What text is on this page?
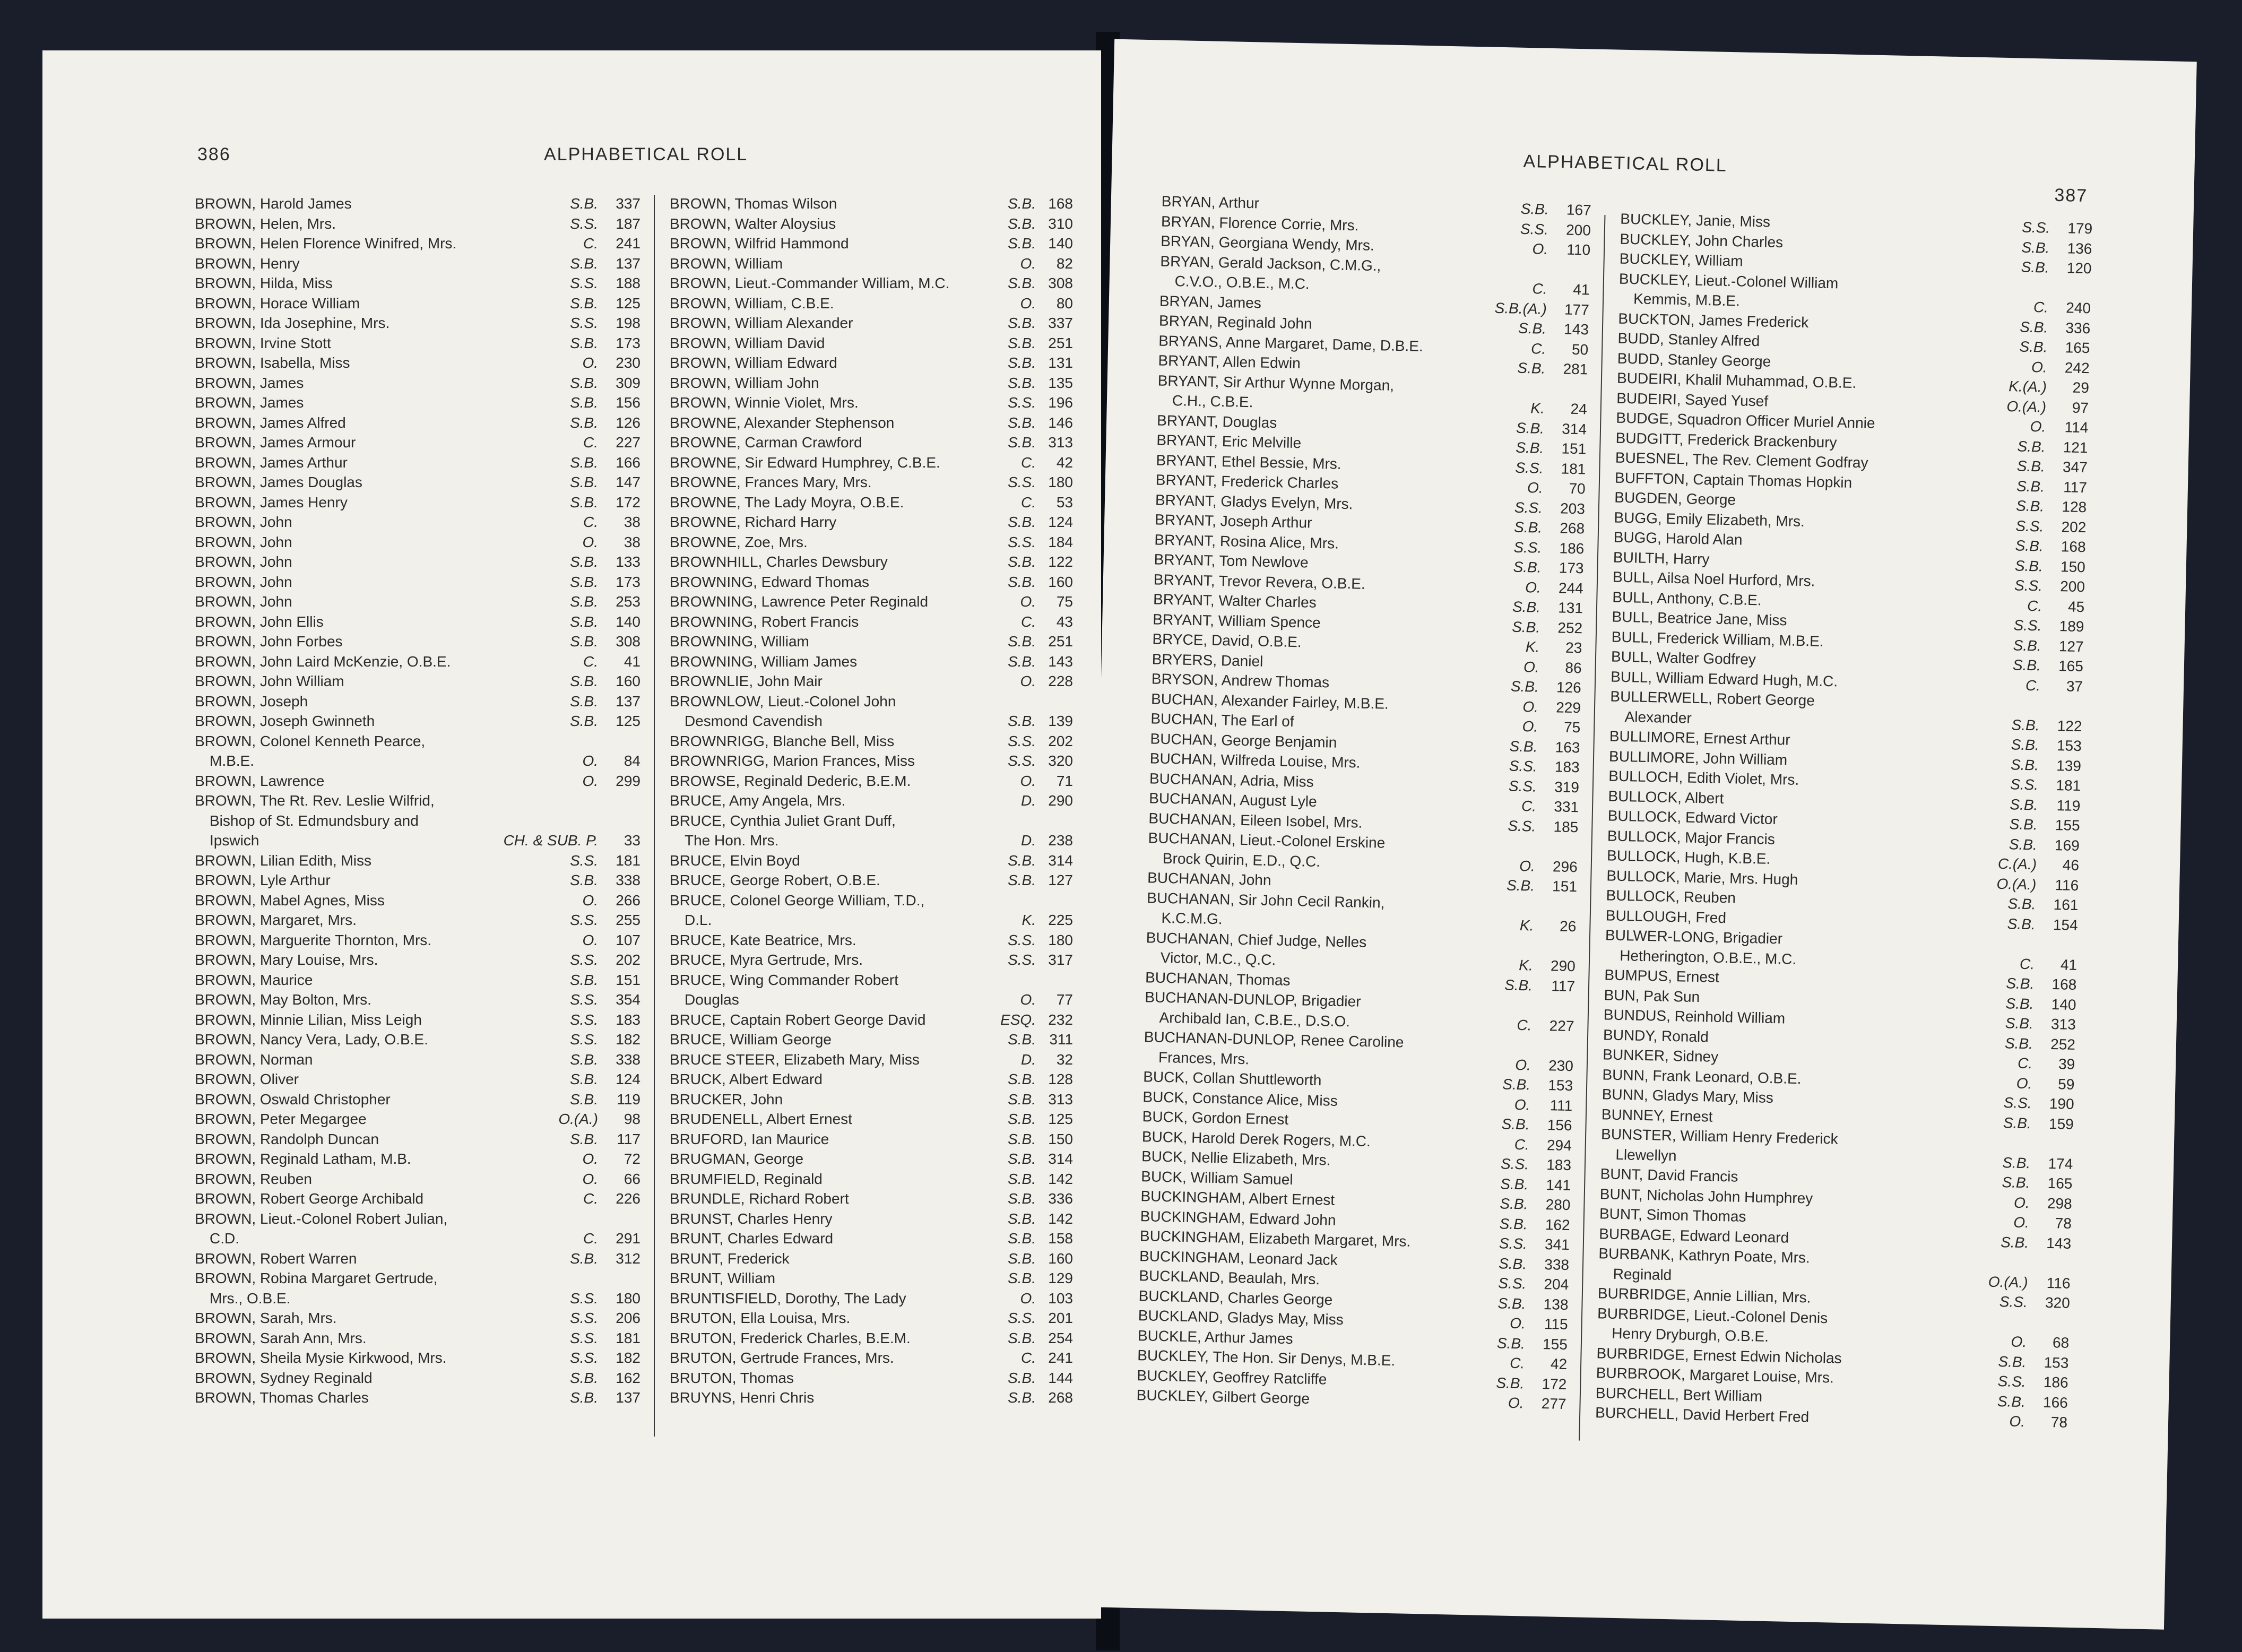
386	ALPHABETICAL ROLL
BROWN, Harold James	S.B. 337
BROWN, Helen, Mrs.	S.S. 187
BROWN, Helen Florence Winifred, Mrs.	C. 241
BROWN, Henry	S.B. 137
BROWN, Hilda, Miss	S.S. 188
BROWN, Horace William	S.B. 125
BROWN, Ida Josephine, Mrs.	S.S. 198
BROWN, Irvine Stott	S.B. 173
BROWN, Isabella, Miss	O. 230
BROWN, James	S.B. 309
BROWN, James	S.B. 156
BROWN, James Alfred	S.B. 126
BROWN, James Armour	C. 227
BROWN, James Arthur	S.B. 166
BROWN, James Douglas	S.B. 147
BROWN, James Henry	S.B. 172
BROWN, John	C. 38
BROWN, John	O. 38
BROWN, John	S.B. 133
BROWN, John	S.B. 173
BROWN, John	S.B. 253
BROWN, John Ellis	S.B. 140
BROWN, John Forbes	S.B. 308
BROWN, John Laird McKenzie, O.B.E.	C. 41
BROWN, John William	S.B. 160
BROWN, Joseph	S.B. 137
BROWN, Joseph Gwinneth	S.B. 125
BROWN, Colonel Kenneth Pearce,
M.B.E.	O. 84
BROWN, Lawrence	O. 299
BROWN, The Rt. Rev. Leslie Wilfrid,
Bishop of St. Edmundsbury and
Ipswich	CH. & SUB. P. 33
BROWN, Lilian Edith, Miss	S.S. 181
BROWN, Lyle Arthur	S.B. 338
BROWN, Mabel Agnes, Miss	O. 266
BROWN, Margaret, Mrs.	S.S. 255
BROWN, Marguerite Thornton, Mrs.	O. 107
BROWN, Mary Louise, Mrs.	S.S. 202
BROWN, Maurice	S.B. 151
BROWN, May Bolton, Mrs.	S.S. 354
BROWN, Minnie Lilian, Miss Leigh	S.S. 183
BROWN, Nancy Vera, Lady, O.B.E.	S.S. 182
BROWN, Norman	S.B. 338
BROWN, Oliver	S.B. 124
BROWN, Oswald Christopher	S.B. 119
BROWN, Peter Megargee	O.(A.) 98
BROWN, Randolph Duncan	S.B. 117
BROWN, Reginald Latham, M.B.	O. 72
BROWN, Reuben	O. 66
BROWN, Robert George Archibald	C. 226
BROWN, Lieut.-Colonel Robert Julian,
C.D.	C. 291
BROWN, Robert Warren	S.B. 312
BROWN, Robina Margaret Gertrude,
Mrs., O.B.E.	S.S. 180
BROWN, Sarah, Mrs.	S.S. 206
BROWN, Sarah Ann, Mrs.	S.S. 181
BROWN, Sheila Mysie Kirkwood, Mrs.	S.S. 182
BROWN, Sydney Reginald	S.B. 162
BROWN, Thomas Charles	S.B. 137
BROWN, Thomas Wilson	S.B. 168
BROWN, Walter Aloysius	S.B. 310
BROWN, Wilfrid Hammond	S.B. 140
BROWN, William	O. 82
BROWN, Lieut.-Commander William, M.C.	S.B. 308
BROWN, William, C.B.E.	O. 80
BROWN, William Alexander	S.B. 337
BROWN, William David	S.B. 251
BROWN, William Edward	S.B. 131
BROWN, William John	S.B. 135
BROWN, Winnie Violet, Mrs.	S.S. 196
BROWNE, Alexander Stephenson	S.B. 146
BROWNE, Carman Crawford	S.B. 313
BROWNE, Sir Edward Humphrey, C.B.E.	C. 42
BROWNE, Frances Mary, Mrs.	S.S. 180
BROWNE, The Lady Moyra, O.B.E.	C. 53
BROWNE, Richard Harry	S.B. 124
BROWNE, Zoe, Mrs.	S.S. 184
BROWNHILL, Charles Dewsbury	S.B. 122
BROWNING, Edward Thomas	S.B. 160
BROWNING, Lawrence Peter Reginald	O. 75
BROWNING, Robert Francis	C. 43
BROWNING, William	S.B. 251
BROWNING, William James	S.B. 143
BROWNLIE, John Mair	O. 228
BROWNLOW, Lieut.-Colonel John
Desmond Cavendish	S.B. 139
BROWNRIGG, Blanche Bell, Miss	S.S. 202
BROWNRIGG, Marion Frances, Miss	S.S. 320
BROWSE, Reginald Dederic, B.E.M.	O. 71
BRUCE, Amy Angela, Mrs.	D. 290
BRUCE, Cynthia Juliet Grant Duff,
The Hon. Mrs.	D. 238
BRUCE, Elvin Boyd	S.B. 314
BRUCE, George Robert, O.B.E.	S.B. 127
BRUCE, Colonel George William, T.D.,
D.L.	K. 225
BRUCE, Kate Beatrice, Mrs.	S.S. 180
BRUCE, Myra Gertrude, Mrs.	S.S. 317
BRUCE, Wing Commander Robert
Douglas	O. 77
BRUCE, Captain Robert George David	ESQ. 232
BRUCE, William George	S.B. 311
BRUCE STEER, Elizabeth Mary, Miss	D. 32
BRUCK, Albert Edward	S.B. 128
BRUCKER, John	S.B. 313
BRUDENELL, Albert Ernest	S.B. 125
BRUFORD, Ian Maurice	S.B. 150
BRUGMAN, George	S.B. 314
BRUMFIELD, Reginald	S.B. 142
BRUNDLE, Richard Robert	S.B. 336
BRUNST, Charles Henry	S.B. 142
BRUNT, Charles Edward	S.B. 158
BRUNT, Frederick	S.B. 160
BRUNT, William	S.B. 129
BRUNTISFIELD, Dorothy, The Lady	O. 103
BRUTON, Ella Louisa, Mrs.	S.S. 201
BRUTON, Frederick Charles, B.E.M.	S.B. 254
BRUTON, Gertrude Frances, Mrs.	C. 241
BRUTON, Thomas	S.B. 144
BRUYNS, Henri Chris	S.B. 268
ALPHABETICAL ROLL
387
BRYAN, Arthur	S.B. 167
BRYAN, Florence Corrie, Mrs.	S.S. 200
BRYAN, Georgiana Wendy, Mrs.	O. 110
BRYAN, Gerald Jackson, C.M.G.,
C.V.O., O.B.E., M.C.	C. 41
BRYAN, James	S.B.(A.) 177
BRYAN, Reginald John	S.B. 143
BRYANS, Anne Margaret, Dame, D.B.E.	C. 50
BRYANT, Allen Edwin	S.B. 281
BRYANT, Sir Arthur Wynne Morgan,
C.H., C.B.E.	K. 24
BRYANT, Douglas	S.B. 314
BRYANT, Eric Melville	S.B. 151
BRYANT, Ethel Bessie, Mrs.	S.S. 181
BRYANT, Frederick Charles	O. 70
BRYANT, Gladys Evelyn, Mrs.	S.S. 203
BRYANT, Joseph Arthur	S.B. 268
BRYANT, Rosina Alice, Mrs.	S.S. 186
BRYANT, Tom Newlove	S.B. 173
BRYANT, Trevor Revera, O.B.E.	O. 244
BRYANT, Walter Charles	S.B. 131
BRYANT, William Spence	S.B. 252
BRYCE, David, O.B.E.	K. 23
BRYERS, Daniel	O. 86
BRYSON, Andrew Thomas	S.B. 126
BUCHAN, Alexander Fairley, M.B.E.	O. 229
BUCHAN, The Earl of	O. 75
BUCHAN, George Benjamin	S.B. 163
BUCHAN, Wilfreda Louise, Mrs.	S.S. 183
BUCHANAN, Adria, Miss	S.S. 319
BUCHANAN, August Lyle	C. 331
BUCHANAN, Eileen Isobel, Mrs.	S.S. 185
BUCHANAN, Lieut.-Colonel Erskine
Brock Quirin, E.D., Q.C.	O. 296
BUCHANAN, John	S.B. 151
BUCHANAN, Sir John Cecil Rankin,
K.C.M.G.	K. 26
BUCHANAN, Chief Judge, Nelles
Victor, M.C., Q.C.	K. 290
BUCHANAN, Thomas	S.B. 117
BUCHANAN-DUNLOP, Brigadier
Archibald Ian, C.B.E., D.S.O.	C. 227
BUCHANAN-DUNLOP, Renee Caroline
Frances, Mrs.	O. 230
BUCK, Collan Shuttleworth	S.B. 153
BUCK, Constance Alice, Miss	O. 111
BUCK, Gordon Ernest	S.B. 156
BUCK, Harold Derek Rogers, M.C.	C. 294
BUCK, Nellie Elizabeth, Mrs.	S.S. 183
BUCK, William Samuel	S.B. 141
BUCKINGHAM, Albert Ernest	S.B. 280
BUCKINGHAM, Edward John	S.B. 162
BUCKINGHAM, Elizabeth Margaret, Mrs.	S.S. 341
BUCKINGHAM, Leonard Jack	S.B. 338
BUCKLAND, Beaulah, Mrs.	S.S. 204
BUCKLAND, Charles George	S.B. 138
BUCKLAND, Gladys May, Miss	O. 115
BUCKLE, Arthur James	S.B. 155
BUCKLEY, The Hon. Sir Denys, M.B.E.	C. 42
BUCKLEY, Geoffrey Ratcliffe	S.B. 172
BUCKLEY, Gilbert George	O. 277
BUCKLEY, Janie, Miss	S.S. 179
BUCKLEY, John Charles	S.B. 136
BUCKLEY, William	S.B. 120
BUCKLEY, Lieut.-Colonel William
Kemmis, M.B.E.	C. 240
BUCKTON, James Frederick	S.B. 336
BUDD, Stanley Alfred	S.B. 165
BUDD, Stanley George	O. 242
BUDEIRI, Khalil Muhammad, O.B.E.	K.(A.) 29
BUDEIRI, Sayed Yusef	O.(A.) 97
BUDGE, Squadron Officer Muriel Annie	O. 114
BUDGITT, Frederick Brackenbury	S.B. 121
BUESNEL, The Rev. Clement Godfray	S.B. 347
BUFFTON, Captain Thomas Hopkin	S.B. 117
BUGDEN, George	S.B. 128
BUGG, Emily Elizabeth, Mrs.	S.S. 202
BUGG, Harold Alan	S.B. 168
BUILTH, Harry	S.B. 150
BULL, Ailsa Noel Hurford, Mrs.	S.S. 200
BULL, Anthony, C.B.E.	C. 45
BULL, Beatrice Jane, Miss	S.S. 189
BULL, Frederick William, M.B.E.	S.B. 127
BULL, Walter Godfrey	S.B. 165
BULL, William Edward Hugh, M.C.	C. 37
BULLERWELL, Robert George
Alexander	S.B. 122
BULLIMORE, Ernest Arthur	S.B. 153
BULLIMORE, John William	S.B. 139
BULLOCH, Edith Violet, Mrs.	S.S. 181
BULLOCK, Albert	S.B. 119
BULLOCK, Edward Victor	S.B. 155
BULLOCK, Major Francis	S.B. 169
BULLOCK, Hugh, K.B.E.	C.(A.) 46
BULLOCK, Marie, Mrs. Hugh	O.(A.) 116
BULLOCK, Reuben	S.B. 161
BULLOUGH, Fred	S.B. 154
BULWER-LONG, Brigadier
Hetherington, O.B.E., M.C.	C. 41
BUMPUS, Ernest	S.B. 168
BUN, Pak Sun	S.B. 140
BUNDUS, Reinhold William	S.B. 313
BUNDY, Ronald	S.B. 252
BUNKER, Sidney	C. 39
BUNN, Frank Leonard, O.B.E.	O. 59
BUNN, Gladys Mary, Miss	S.S. 190
BUNNEY, Ernest	S.B. 159
BUNSTER, William Henry Frederick
Llewellyn	S.B. 174
BUNT, David Francis	S.B. 165
BUNT, Nicholas John Humphrey	O. 298
BUNT, Simon Thomas	O. 78
BURBAGE, Edward Leonard	S.B. 143
BURBANK, Kathryn Poate, Mrs.
Reginald	O.(A.) 116
BURBRIDGE, Annie Lillian, Mrs.	S.S. 320
BURBRIDGE, Lieut.-Colonel Denis
Henry Dryburgh, O.B.E.	O. 68
BURBRIDGE, Ernest Edwin Nicholas	S.B. 153
BURBROOK, Margaret Louise, Mrs.	S.S. 186
BURCHELL, Bert William	S.B. 166
BURCHELL, David Herbert Fred	O. 78
